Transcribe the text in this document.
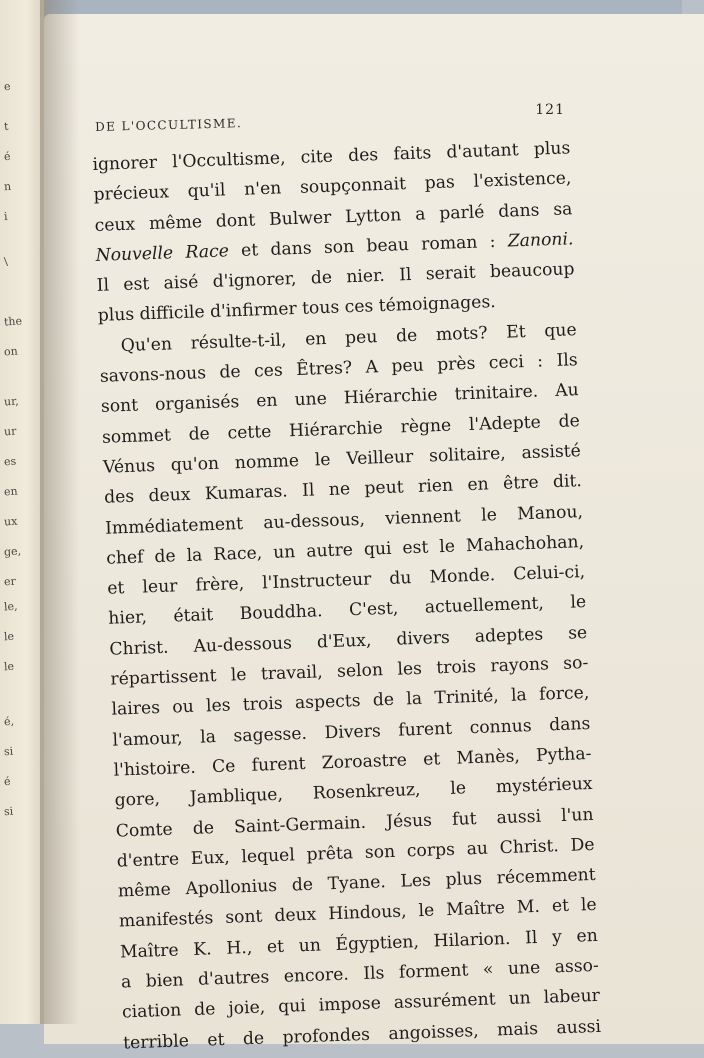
e
t
é
n
i
\
the
on
ur,
ur
es
en
ux
ge,
er
le,
le
le
é,
si
é
si
DE L'OCCULTISME.
121
ignorer l'Occultisme, cite des faits d'autant plus
précieux qu'il n'en soupçonnait pas l'existence,
ceux même dont Bulwer Lytton a parlé dans sa
Nouvelle Race et dans son beau roman : Zanoni.
Il est aisé d'ignorer, de nier. Il serait beaucoup
plus difficile d'infirmer tous ces témoignages.
Qu'en résulte-t-il, en peu de mots? Et que
savons-nous de ces Êtres? A peu près ceci : Ils
sont organisés en une Hiérarchie trinitaire. Au
sommet de cette Hiérarchie règne l'Adepte de
Vénus qu'on nomme le Veilleur solitaire, assisté
des deux Kumaras. Il ne peut rien en être dit.
Immédiatement au-dessous, viennent le Manou,
chef de la Race, un autre qui est le Mahachohan,
et leur frère, l'Instructeur du Monde. Celui-ci,
hier, était Bouddha. C'est, actuellement, le
Christ. Au-dessous d'Eux, divers adeptes se
répartissent le travail, selon les trois rayons so-
laires ou les trois aspects de la Trinité, la force,
l'amour, la sagesse. Divers furent connus dans
l'histoire. Ce furent Zoroastre et Manès, Pytha-
gore, Jamblique, Rosenkreuz, le mystérieux
Comte de Saint-Germain. Jésus fut aussi l'un
d'entre Eux, lequel prêta son corps au Christ. De
même Apollonius de Tyane. Les plus récemment
manifestés sont deux Hindous, le Maître M. et le
Maître K. H., et un Égyptien, Hilarion. Il y en
a bien d'autres encore. Ils forment « une asso-
ciation de joie, qui impose assurément un labeur
terrible et de profondes angoisses, mais aussi
